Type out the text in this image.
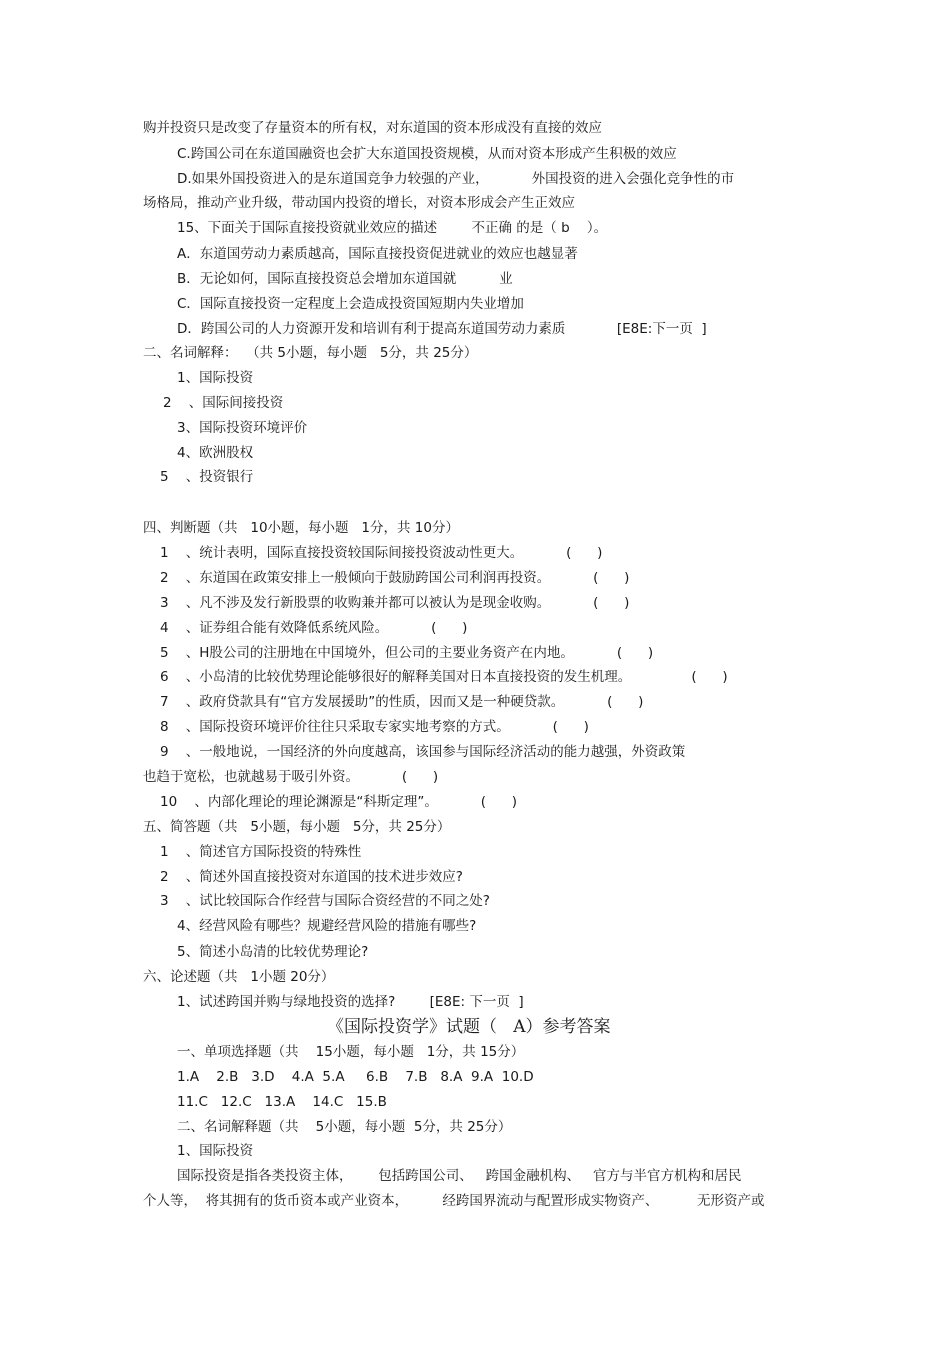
购并投资只是改变了存量资本的所有权，对东道国的资本形成没有直接的效应
C.跨国公司在东道国融资也会扩大东道国投资规模，从而对资本形成产生积极的效应
D.如果外国投资进入的是东道国竞争力较强的产业，          外国投资的进入会强化竞争性的市
场格局，推动产业升级，带动国内投资的增长，对资本形成会产生正效应
15、下面关于国际直接投资就业效应的描述        不正确 的是（ b    ）。
A．东道国劳动力素质越高，国际直接投资促进就业的效应也越显著
B．无论如何，国际直接投资总会增加东道国就          业
C．国际直接投资一定程度上会造成投资国短期内失业增加
D．跨国公司的人力资源开发和培训有利于提高东道国劳动力素质            [E8E:下一页  ]
二、名词解释：  （共 5小题，每小题   5分，共 25分）
1、国际投资
2    、国际间接投资
3、国际投资环境评价
4、欧洲股权
5    、投资银行
四、判断题（共   10小题，每小题   1分，共 10分）
1    、统计表明，国际直接投资较国际间接投资波动性更大。          (      )
2    、东道国在政策安排上一般倾向于鼓励跨国公司利润再投资。          (      )
3    、凡不涉及发行新股票的收购兼并都可以被认为是现金收购。          (      )
4    、证券组合能有效降低系统风险。          (      )
5    、H股公司的注册地在中国境外，但公司的主要业务资产在内地。          (      )
6    、小岛清的比较优势理论能够很好的解释美国对日本直接投资的发生机理。              (      )
7    、政府贷款具有“官方发展援助”的性质，因而又是一种硬贷款。          (      )
8    、国际投资环境评价往往只采取专家实地考察的方式。          (      )
9    、一般地说，一国经济的外向度越高，该国参与国际经济活动的能力越强，外资政策
也趋于宽松，也就越易于吸引外资。          (      )
10    、内部化理论的理论渊源是“科斯定理”。          (      )
五、简答题（共   5小题，每小题   5分，共 25分）
1    、简述官方国际投资的特殊性
2    、简述外国直接投资对东道国的技术进步效应?
3    、试比较国际合作经营与国际合资经营的不同之处?
4、经营风险有哪些？规避经营风险的措施有哪些?
5、简述小岛清的比较优势理论?
六、论述题（共   1小题 20分）
1、试述跨国并购与绿地投资的选择?        [E8E: 下一页  ]
《国际投资学》试题（   A）参考答案
一、单项选择题（共    15小题，每小题   1分，共 15分）
1.A    2.B   3.D    4.A  5.A     6.B    7.B   8.A  9.A  10.D
11.C   12.C   13.A    14.C   15.B
二、名词解释题（共    5小题，每小题  5分，共 25分）
1、国际投资
国际投资是指各类投资主体，      包括跨国公司、   跨国金融机构、   官方与半官方机构和居民
个人等，  将其拥有的货币资本或产业资本，        经跨国界流动与配置形成实物资产、         无形资产或
